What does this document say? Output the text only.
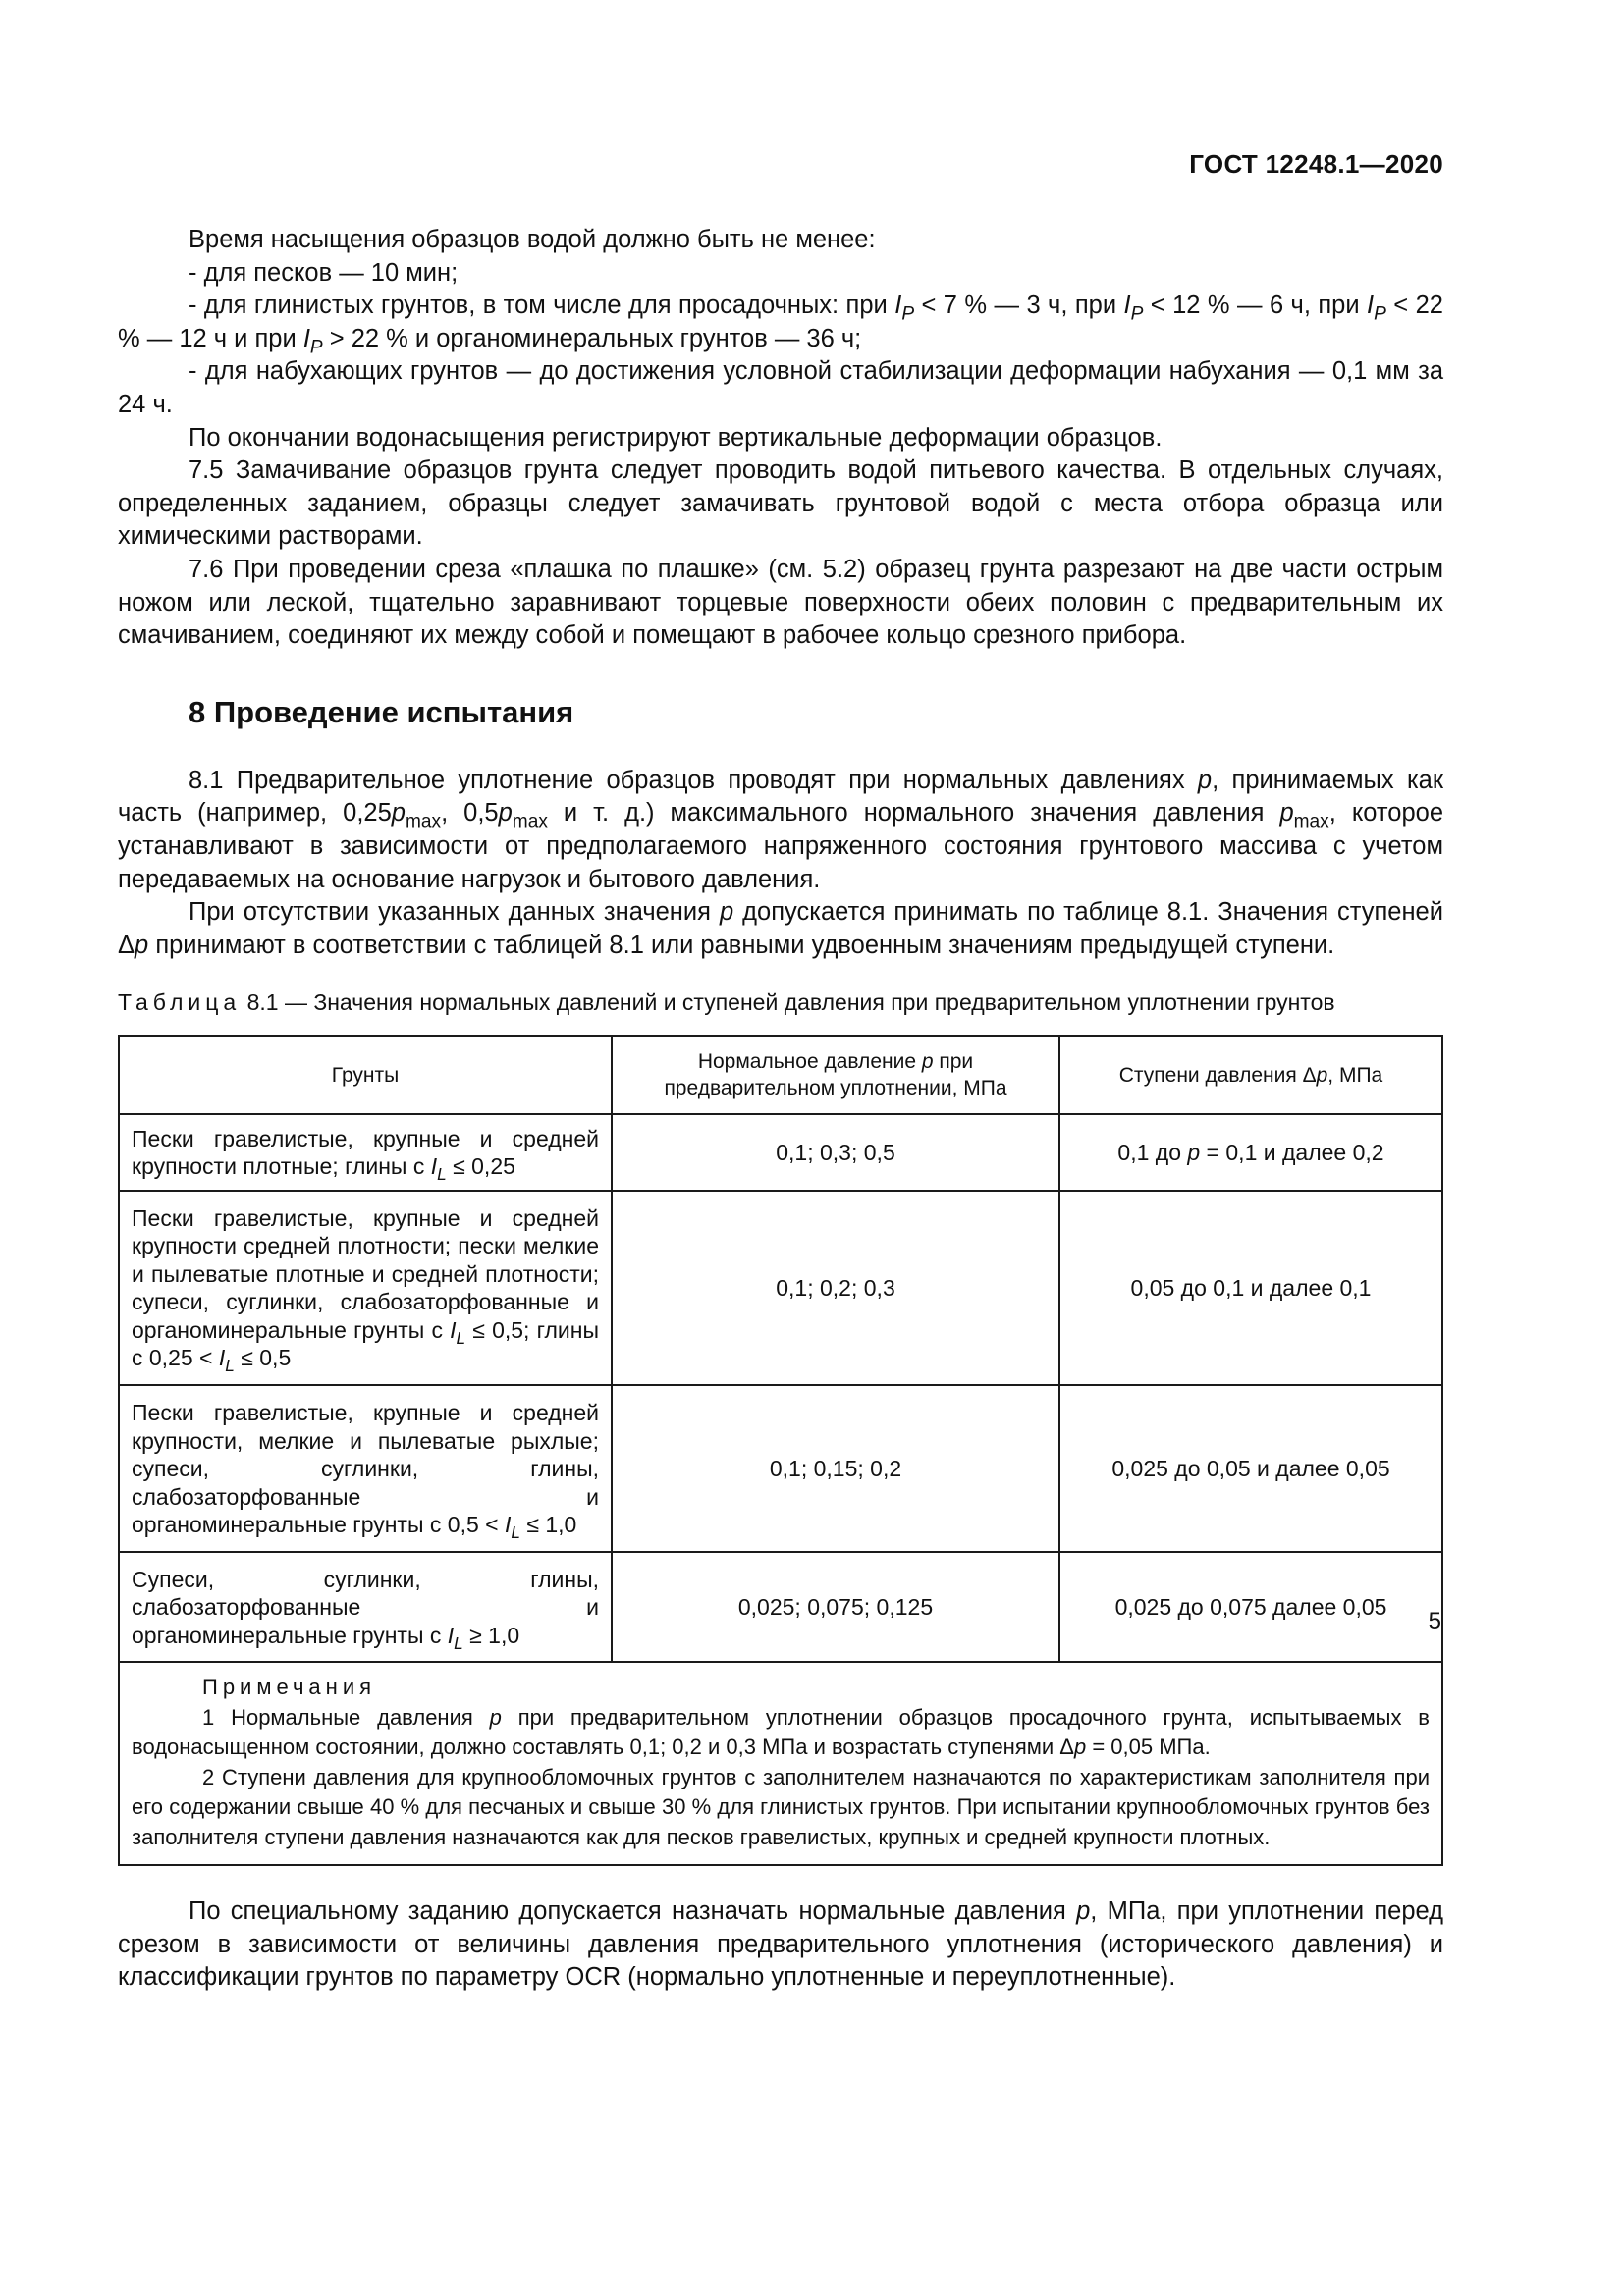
ГОСТ 12248.1—2020

Время насыщения образцов водой должно быть не менее:

- для песков — 10 мин;

- для глинистых грунтов, в том числе для просадочных: при $I_P < 7$ % — 3 ч, при $I_P < 12$ % — 6 ч, при $I_P < 22$ % — 12 ч и при $I_P > 22$ % и органоминеральных грунтов — 36 ч;

- для набухающих грунтов — до достижения условной стабилизации деформации набухания — 0,1 мм за 24 ч.

По окончании водонасыщения регистрируют вертикальные деформации образцов.

7.5 Замачивание образцов грунта следует проводить водой питьевого качества. В отдельных случаях, определенных заданием, образцы следует замачивать грунтовой водой с места отбора образца или химическими растворами.

7.6 При проведении среза «плашка по плашке» (см. 5.2) образец грунта разрезают на две части острым ножом или леской, тщательно заравнивают торцевые поверхности обеих половин с предварительным их смачиванием, соединяют их между собой и помещают в рабочее кольцо срезного прибора.

8 Проведение испытания

8.1 Предварительное уплотнение образцов проводят при нормальных давлениях p, принимаемых как часть (например, $0,25p_{max}$, $0,5p_{max}$ и т. д.) максимального нормального значения давления $p_{max}$, которое устанавливают в зависимости от предполагаемого напряженного состояния грунтового массива с учетом передаваемых на основание нагрузок и бытового давления.

При отсутствии указанных данных значения p допускается принимать по таблице 8.1. Значения ступеней Δp принимают в соответствии с таблицей 8.1 или равными удвоенным значениям предыдущей ступени.

Таблица 8.1 — Значения нормальных давлений и ступеней давления при предварительном уплотнении грунтов
Грунты	Нормальное давление p при предварительном уплотнении, МПа	Ступени давления Δp, МПа
Пески гравелистые, крупные и средней крупности плотные; глины с $I_L \le 0,25$	0,1; 0,3; 0,5	0,1 до p = 0,1 и далее 0,2
Пески гравелистые, крупные и средней крупности средней плотности; пески мелкие и пылеватые плотные и средней плотности; супеси, суглинки, слабозаторфованные и органоминеральные грунты с $I_L \le 0,5$; глины с $0,25 < I_L \le 0,5$	0,1; 0,2; 0,3	0,05 до 0,1 и далее 0,1
Пески гравелистые, крупные и средней крупности, мелкие и пылеватые рыхлые; супеси, суглинки, глины, слабозаторфованные и органоминеральные грунты с $0,5 < I_L \le 1,0$	0,1; 0,15; 0,2	0,025 до 0,05 и далее 0,05
Супеси, суглинки, глины, слабозаторфованные и органоминеральные грунты с $I_L \ge 1,0$	0,025; 0,075; 0,125	0,025 до 0,075 далее 0,05

Примечания
1 Нормальные давления p при предварительном уплотнении образцов просадочного грунта, испытываемых в водонасыщенном состоянии, должно составлять 0,1; 0,2 и 0,3 МПа и возрастать ступенями Δp = 0,05 МПа.
2 Ступени давления для крупнообломочных грунтов с заполнителем назначаются по характеристикам заполнителя при его содержании свыше 40 % для песчаных и свыше 30 % для глинистых грунтов. При испытании крупнообломочных грунтов без заполнителя ступени давления назначаются как для песков гравелистых, крупных и средней крупности плотных.		

По специальному заданию допускается назначать нормальные давления p, МПа, при уплотнении перед срезом в зависимости от величины давления предварительного уплотнения (исторического давления) и классификации грунтов по параметру OCR (нормально уплотненные и переуплотненные).

5
